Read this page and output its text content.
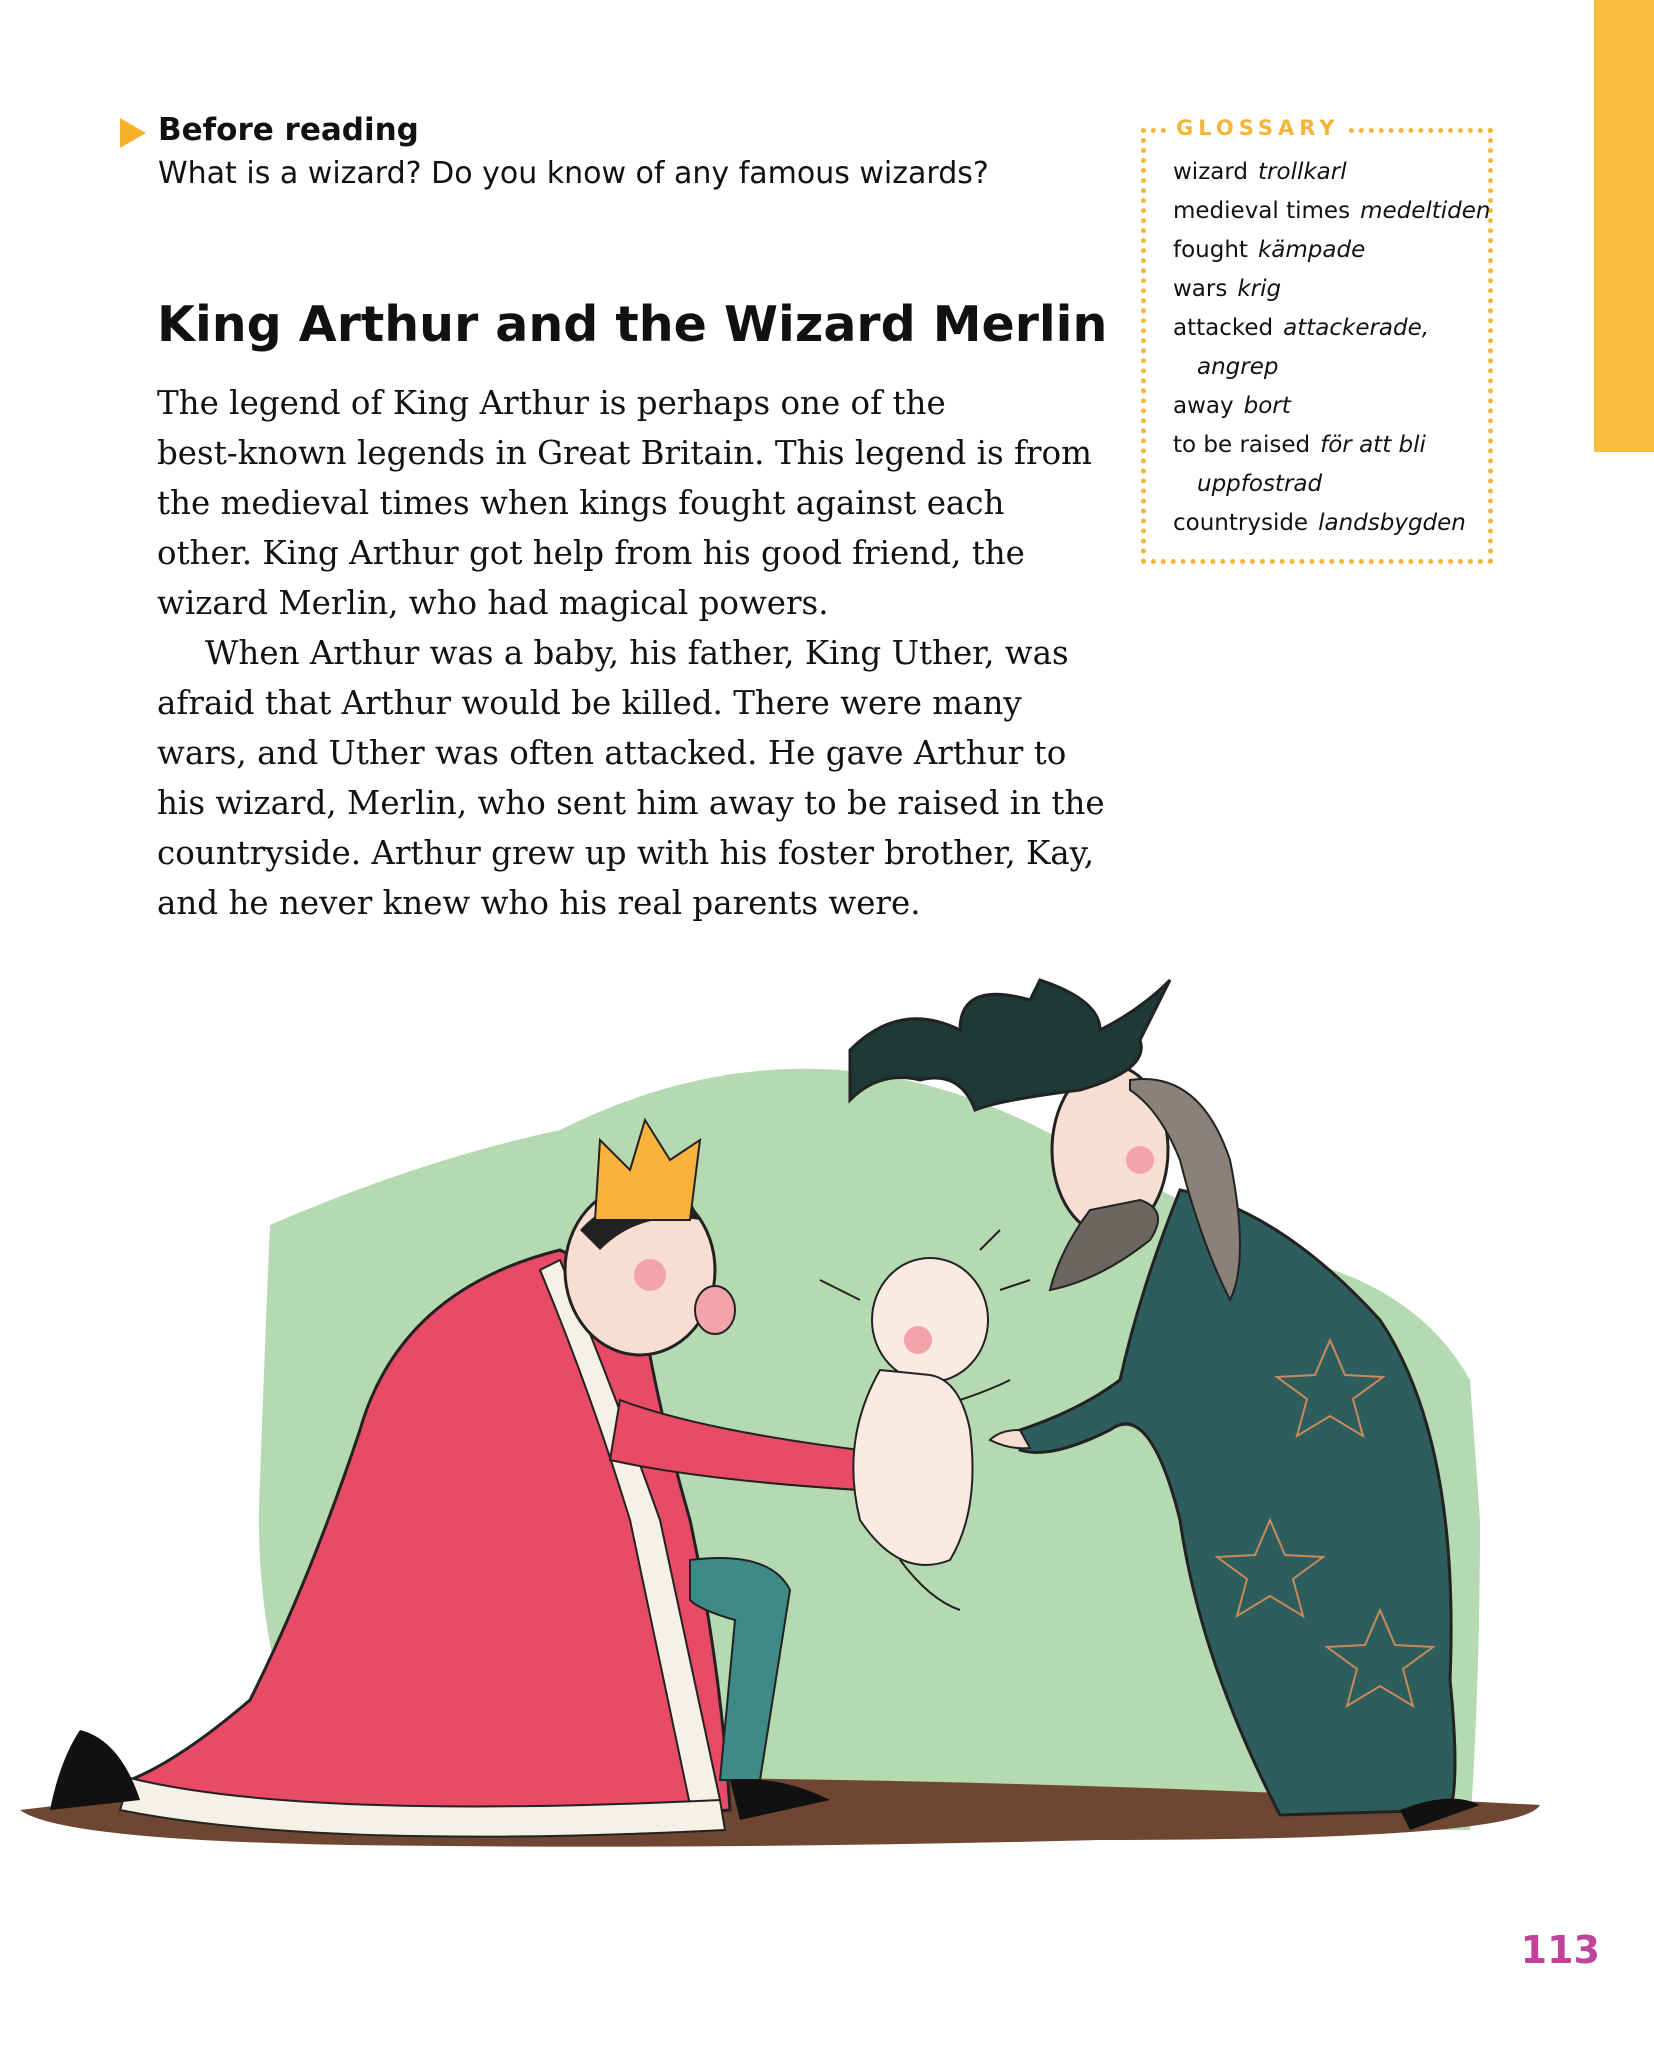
Before reading
What is a wizard? Do you know of any famous wizards?
King Arthur and the Wizard Merlin
The legend of King Arthur is perhaps one of the
best-known legends in Great Britain. This legend is from
the medieval times when kings fought against each
other. King Arthur got help from his good friend, the
wizard Merlin, who had magical powers.
When Arthur was a baby, his father, King Uther, was
afraid that Arthur would be killed. There were many
wars, and Uther was often attacked. He gave Arthur to
his wizard, Merlin, who sent him away to be raised in the
countryside. Arthur grew up with his foster brother, Kay,
and he never knew who his real parents were.
GLOSSARY
wizard trollkarl
medieval times medeltiden
fought kämpade
wars krig
attacked attackerade,
angrep
away bort
to be raised för att bli
uppfostrad
countryside landsbygden
113
